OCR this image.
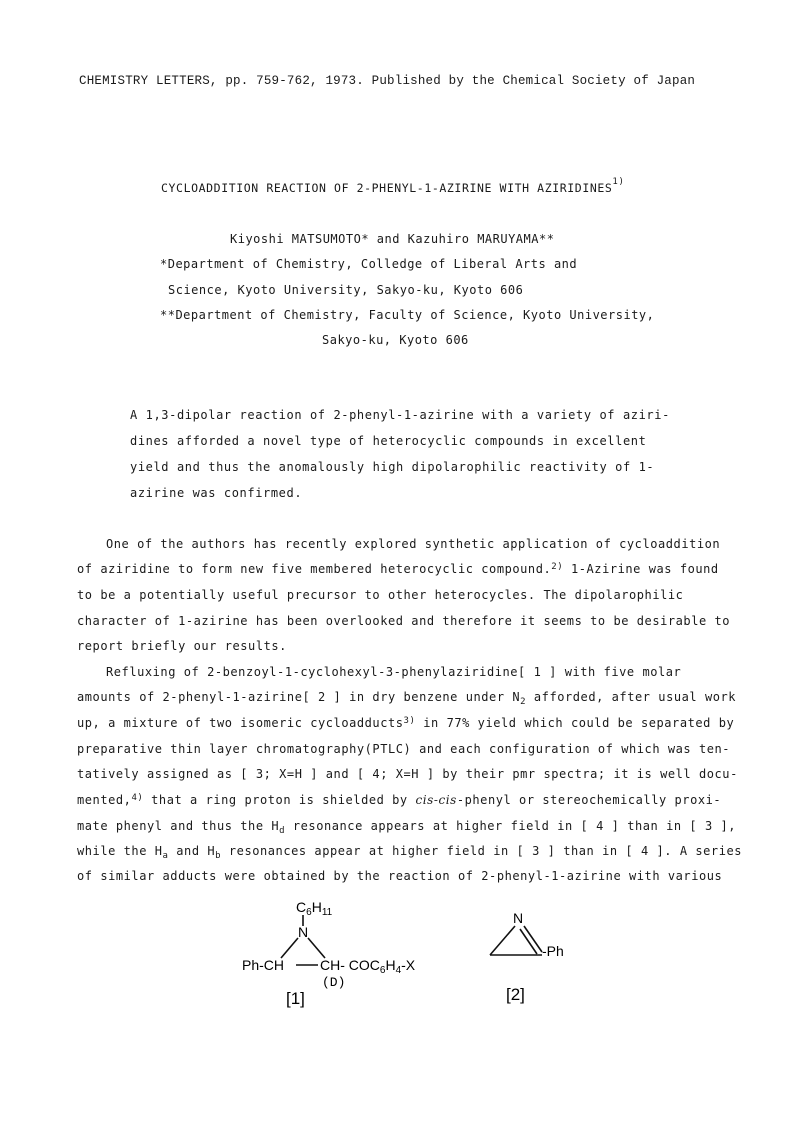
CHEMISTRY LETTERS, pp. 759-762, 1973. Published by the Chemical Society of Japan
CYCLOADDITION REACTION OF 2-PHENYL-1-AZIRINE WITH AZIRIDINES$^{1)}$
Kiyoshi MATSUMOTO* and Kazuhiro MARUYAMA**
*Department of Chemistry, Colledge of Liberal Arts and
Science, Kyoto University, Sakyo-ku, Kyoto 606
**Department of Chemistry, Faculty of Science, Kyoto University,
Sakyo-ku, Kyoto 606
A 1,3-dipolar reaction of 2-phenyl-1-azirine with a variety of aziri-
dines afforded a novel type of heterocyclic compounds in excellent
yield and thus the anomalously high dipolarophilic reactivity of 1-
azirine was confirmed.
One of the authors has recently explored synthetic application of cycloaddition
of aziridine to form new five membered heterocyclic compound.$^{2)}$ 1-Azirine was found
to be a potentially useful precursor to other heterocycles. The dipolarophilic
character of 1-azirine has been overlooked and therefore it seems to be desirable to
report briefly our results.
Refluxing of 2-benzoyl-1-cyclohexyl-3-phenylaziridine[ 1 ] with five molar
amounts of 2-phenyl-1-azirine[ 2 ] in dry benzene under $N_2$ afforded, after usual work
up, a mixture of two isomeric cycloadducts$^{3)}$ in 77% yield which could be separated by
preparative thin layer chromatography(PTLC) and each configuration of which was ten-
tatively assigned as [ 3; X=H ] and [ 4; X=H ] by their pmr spectra; it is well docu-
mented,$^{4)}$ that a ring proton is shielded by cis-cis-phenyl or stereochemically proxi-
mate phenyl and thus the $H_d$ resonance appears at higher field in [ 4 ] than in [ 3 ],
while the $H_a$ and $H_b$ resonances appear at higher field in [ 3 ] than in [ 4 ]. A series
of similar adducts were obtained by the reaction of 2-phenyl-1-azirine with various
$C_6H_{11}$
N
Ph-CH	CH- $COC_6H_4-X$
(D)
[1]
N
-Ph
[2]
